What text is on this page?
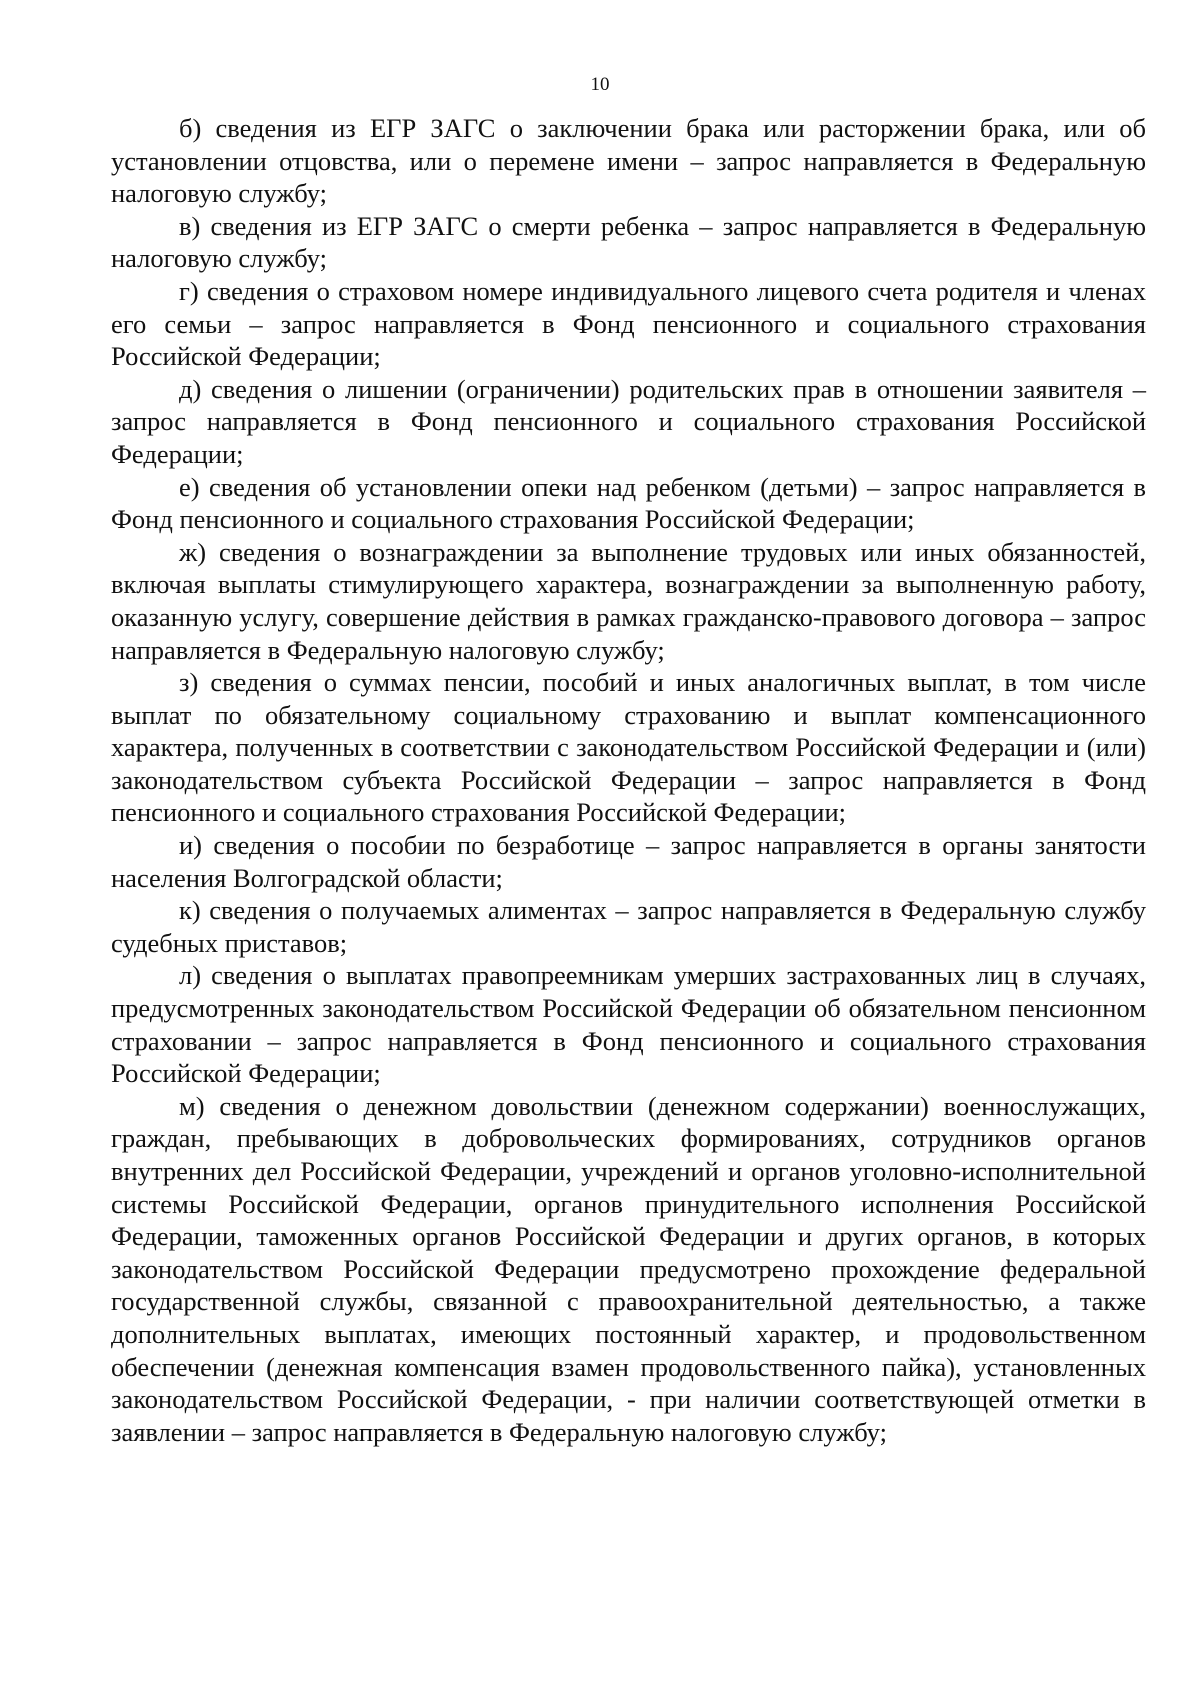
10

б) сведения из ЕГР ЗАГС о заключении брака или расторжении брака, или об установлении отцовства, или о перемене имени – запрос направляется в Федеральную налоговую службу;

в) сведения из ЕГР ЗАГС о смерти ребенка – запрос направляется в Федеральную налоговую службу;

г) сведения о страховом номере индивидуального лицевого счета родителя и членах его семьи – запрос направляется в Фонд пенсионного и социального страхования Российской Федерации;

д) сведения о лишении (ограничении) родительских прав в отношении заявителя – запрос направляется в Фонд пенсионного и социального страхования Российской Федерации;

е) сведения об установлении опеки над ребенком (детьми) – запрос направляется в Фонд пенсионного и социального страхования Российской Федерации;

ж) сведения о вознаграждении за выполнение трудовых или иных обязанностей, включая выплаты стимулирующего характера, вознаграждении за выполненную работу, оказанную услугу, совершение действия в рамках гражданско-правового договора – запрос направляется в Федеральную налоговую службу;

з) сведения о суммах пенсии, пособий и иных аналогичных выплат, в том числе выплат по обязательному социальному страхованию и выплат компенсационного характера, полученных в соответствии с законодательством Российской Федерации и (или) законодательством субъекта Российской Федерации – запрос направляется в Фонд пенсионного и социального страхования Российской Федерации;

и) сведения о пособии по безработице – запрос направляется в органы занятости населения Волгоградской области;

к) сведения о получаемых алиментах – запрос направляется в Федеральную службу судебных приставов;

л) сведения о выплатах правопреемникам умерших застрахованных лиц в случаях, предусмотренных законодательством Российской Федерации об обязательном пенсионном страховании – запрос направляется в Фонд пенсионного и социального страхования Российской Федерации;

м) сведения о денежном довольствии (денежном содержании) военнослужащих, граждан, пребывающих в добровольческих формированиях, сотрудников органов внутренних дел Российской Федерации, учреждений и органов уголовно-исполнительной системы Российской Федерации, органов принудительного исполнения Российской Федерации, таможенных органов Российской Федерации и других органов, в которых законодательством Российской Федерации предусмотрено прохождение федеральной государственной службы, связанной с правоохранительной деятельностью, а также дополнительных выплатах, имеющих постоянный характер, и продовольственном обеспечении (денежная компенсация взамен продовольственного пайка), установленных законодательством Российской Федерации, - при наличии соответствующей отметки в заявлении – запрос направляется в Федеральную налоговую службу;
